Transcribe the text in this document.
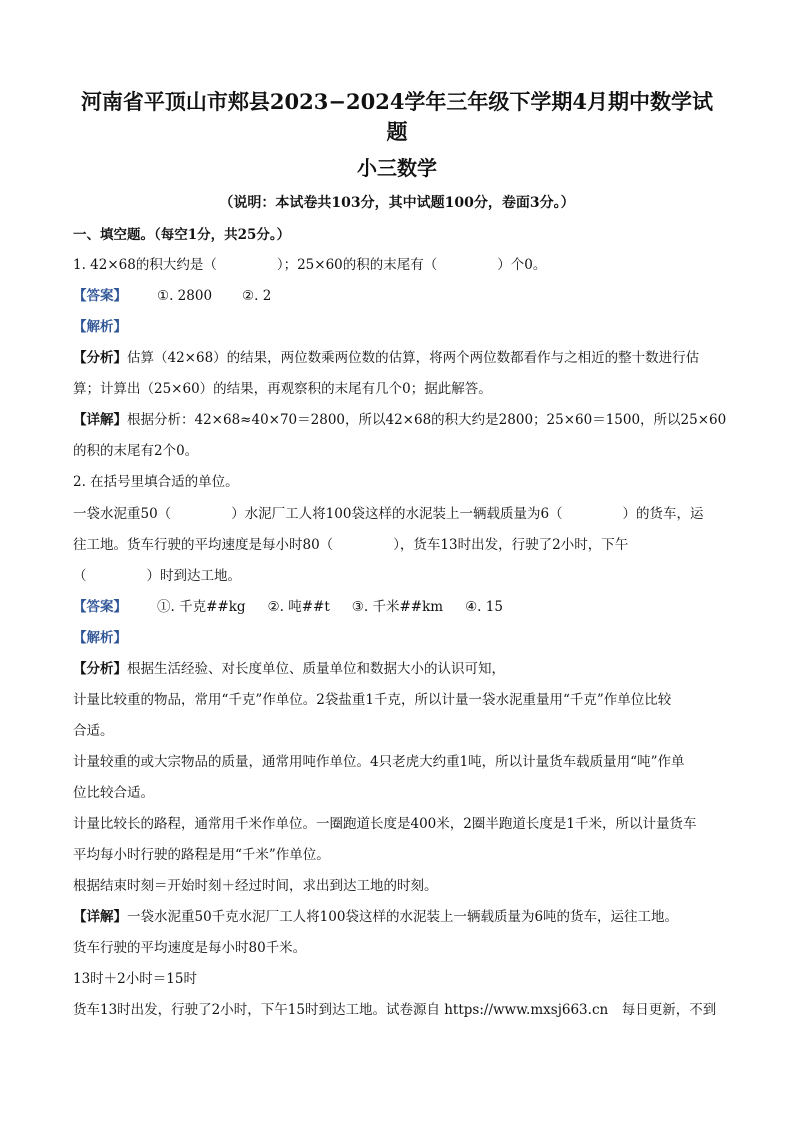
河南省平顶山市郏县2023−2024学年三年级下学期4月期中数学试
题
小三数学
（说明：本试卷共103分，其中试题100分，卷面3分。）
一、填空题。（每空1分，共25分。）
1. 42×68的积大约是（	）；25×60的积的末尾有（	）个0。
【答案】 ①. 2800 ②. 2
【解析】
【分析】估算（42×68）的结果，两位数乘两位数的估算，将两个两位数都看作与之相近的整十数进行估
算；计算出（25×60）的结果，再观察积的末尾有几个0；据此解答。
【详解】根据分析：42×68≈40×70＝2800，所以42×68的积大约是2800；25×60＝1500，所以25×60
的积的末尾有2个0。
2. 在括号里填合适的单位。
一袋水泥重50（	）水泥厂工人将100袋这样的水泥装上一辆载质量为6（	）的货车，运
往工地。货车行驶的平均速度是每小时80（	），货车13时出发，行驶了2小时，下午
（	）时到达工地。
【答案】 ①. 千克##kg ②. 吨##t ③. 千米##km ④. 15
【解析】
【分析】根据生活经验、对长度单位、质量单位和数据大小的认识可知，
计量比较重的物品，常用“千克”作单位。2袋盐重1千克，所以计量一袋水泥重量用“千克”作单位比较
合适。
计量较重的或大宗物品的质量，通常用吨作单位。4只老虎大约重1吨，所以计量货车载质量用“吨”作单
位比较合适。
计量比较长的路程，通常用千米作单位。一圈跑道长度是400米，2圈半跑道长度是1千米，所以计量货车
平均每小时行驶的路程是用“千米”作单位。
根据结束时刻＝开始时刻＋经过时间，求出到达工地的时刻。
【详解】一袋水泥重50千克水泥厂工人将100袋这样的水泥装上一辆载质量为6吨的货车，运往工地。
货车行驶的平均速度是每小时80千米。
13时＋2小时＝15时
货车13时出发，行驶了2小时，下午15时到达工地。试卷源自 https://www.mxsj663.cn　每日更新，不到
